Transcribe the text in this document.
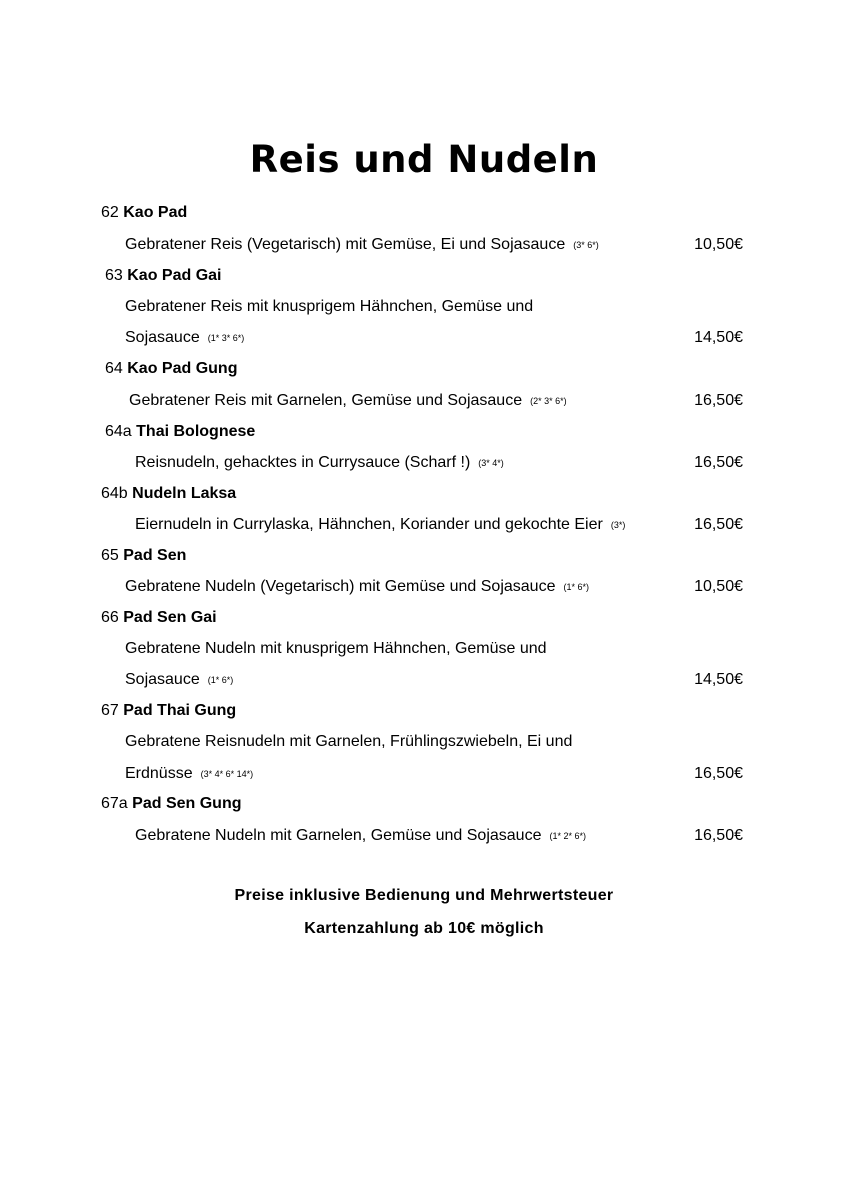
Reis und Nudeln
62 Kao Pad
Gebratener Reis (Vegetarisch) mit Gemüse, Ei und Sojasauce (3* 6*)	10,50€
63 Kao Pad Gai
Gebratener Reis mit knusprigem Hähnchen, Gemüse und
Sojasauce (1* 3* 6*)	14,50€
64 Kao Pad Gung
Gebratener Reis mit Garnelen, Gemüse und Sojasauce (2* 3* 6*)	16,50€
64a Thai Bolognese
Reisnudeln, gehacktes in Currysauce (Scharf !) (3* 4*)	16,50€
64b Nudeln Laksa
Eiernudeln in Currylaska, Hähnchen, Koriander und gekochte Eier (3*)	16,50€
65 Pad Sen
Gebratene Nudeln (Vegetarisch) mit Gemüse und Sojasauce (1* 6*)	10,50€
66 Pad Sen Gai
Gebratene Nudeln mit knusprigem Hähnchen, Gemüse und
Sojasauce (1* 6*)	14,50€
67 Pad Thai Gung
Gebratene Reisnudeln mit Garnelen, Frühlingszwiebeln, Ei und
Erdnüsse (3* 4* 6* 14*)	16,50€
67a Pad Sen Gung
Gebratene Nudeln mit Garnelen, Gemüse und Sojasauce (1* 2* 6*)	16,50€
Preise inklusive Bedienung und Mehrwertsteuer
Kartenzahlung ab 10€ möglich
